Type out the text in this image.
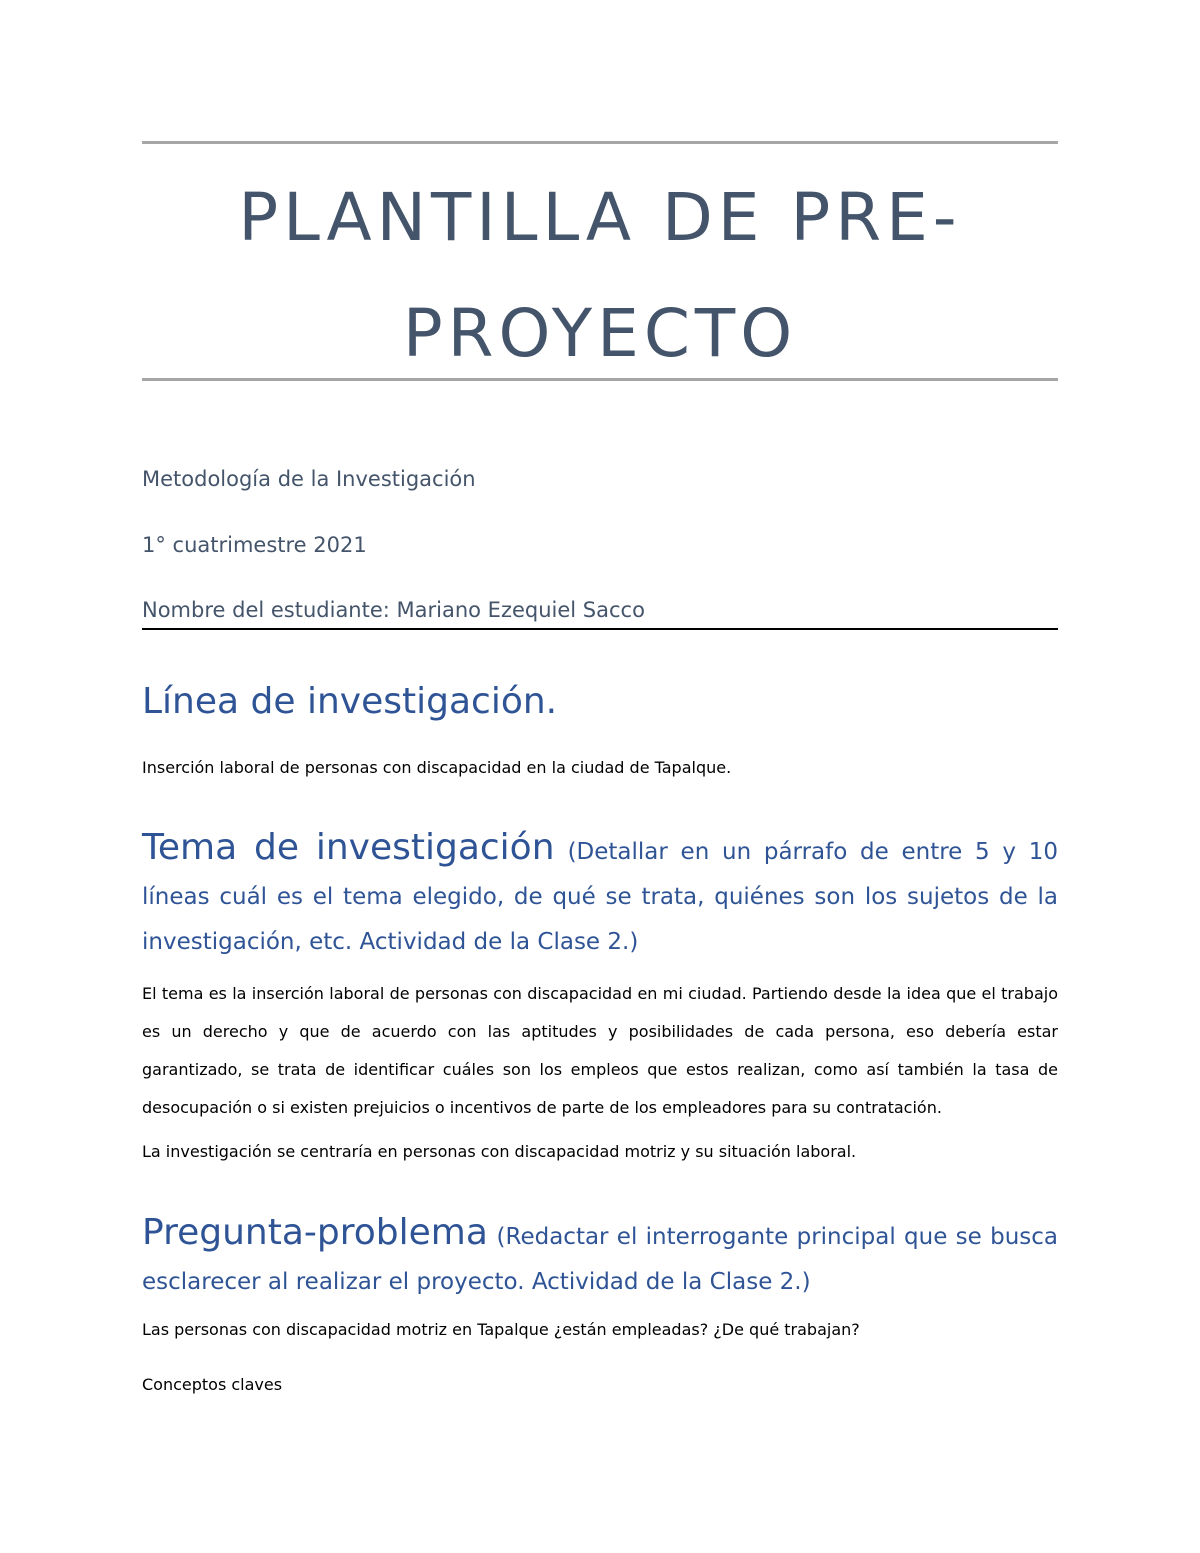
PLANTILLA DE PRE-
PROYECTO
Metodología de la Investigación
1° cuatrimestre 2021
Nombre del estudiante: Mariano Ezequiel Sacco
Línea de investigación.

Inserción laboral de personas con discapacidad en la ciudad de Tapalque.

Tema de investigación (Detallar en un párrafo de entre 5 y 10 líneas cuál es el tema elegido, de qué se trata, quiénes son los sujetos de la investigación, etc. Actividad de la Clase 2.)

El tema es la inserción laboral de personas con discapacidad en mi ciudad. Partiendo desde la idea que el trabajo es un derecho y que de acuerdo con las aptitudes y posibilidades de cada persona, eso debería estar garantizado, se trata de identificar cuáles son los empleos que estos realizan, como así también la tasa de desocupación o si existen prejuicios o incentivos de parte de los empleadores para su contratación.

La investigación se centraría en personas con discapacidad motriz y su situación laboral.

Pregunta-problema (Redactar el interrogante principal que se busca esclarecer al realizar el proyecto. Actividad de la Clase 2.)

Las personas con discapacidad motriz en Tapalque ¿están empleadas? ¿De qué trabajan?

Conceptos claves
